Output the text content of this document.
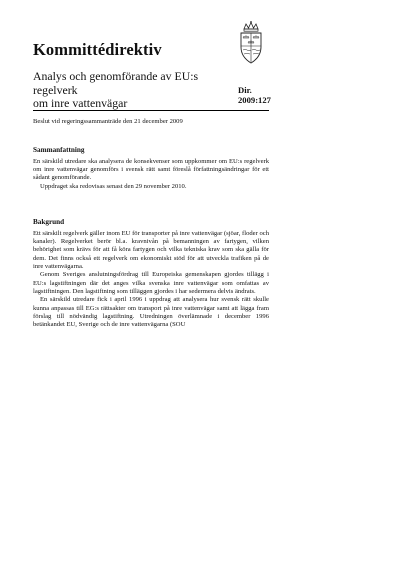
Kommittédirektiv
Analys och genomförande av EU:s regelverk
om inre vattenvägar
Dir.
2009:127

Beslut vid regeringssammanträde den 21 december 2009

Sammanfattning

En särskild utredare ska analysera de konsekvenser som uppkommer om EU:s regelverk om inre vattenvägar genomförs i svensk rätt samt föreslå författningsändringar för ett sådant genomförande.

Uppdraget ska redovisas senast den 29 november 2010.

Bakgrund

Ett särskilt regelverk gäller inom EU för transporter på inre vattenvägar (sjöar, floder och kanaler). Regelverket berör bl.a. kravnivån på bemanningen av fartygen, vilken behörighet som krävs för att få köra fartygen och vilka tekniska krav som ska gälla för dem. Det finns också ett regelverk om ekonomiskt stöd för att utveckla trafiken på de inre vattenvägarna.

Genom Sveriges anslutningsfördrag till Europeiska gemenskapen gjordes tillägg i EU:s lagstiftningen där det anges vilka svenska inre vattenvägar som omfattas av lagstiftningen. Den lagstiftning som tilläggen gjordes i har sedermera delvis ändrats.

En särskild utredare fick i april 1996 i uppdrag att analysera hur svensk rätt skulle kunna anpassas till EG:s rättsakter om transport på inre vattenvägar samt att lägga fram förslag till nödvändig lagstiftning. Utredningen överlämnade i december 1996 betänkandet EU, Sverige och de inre vattenvägarna (SOU
